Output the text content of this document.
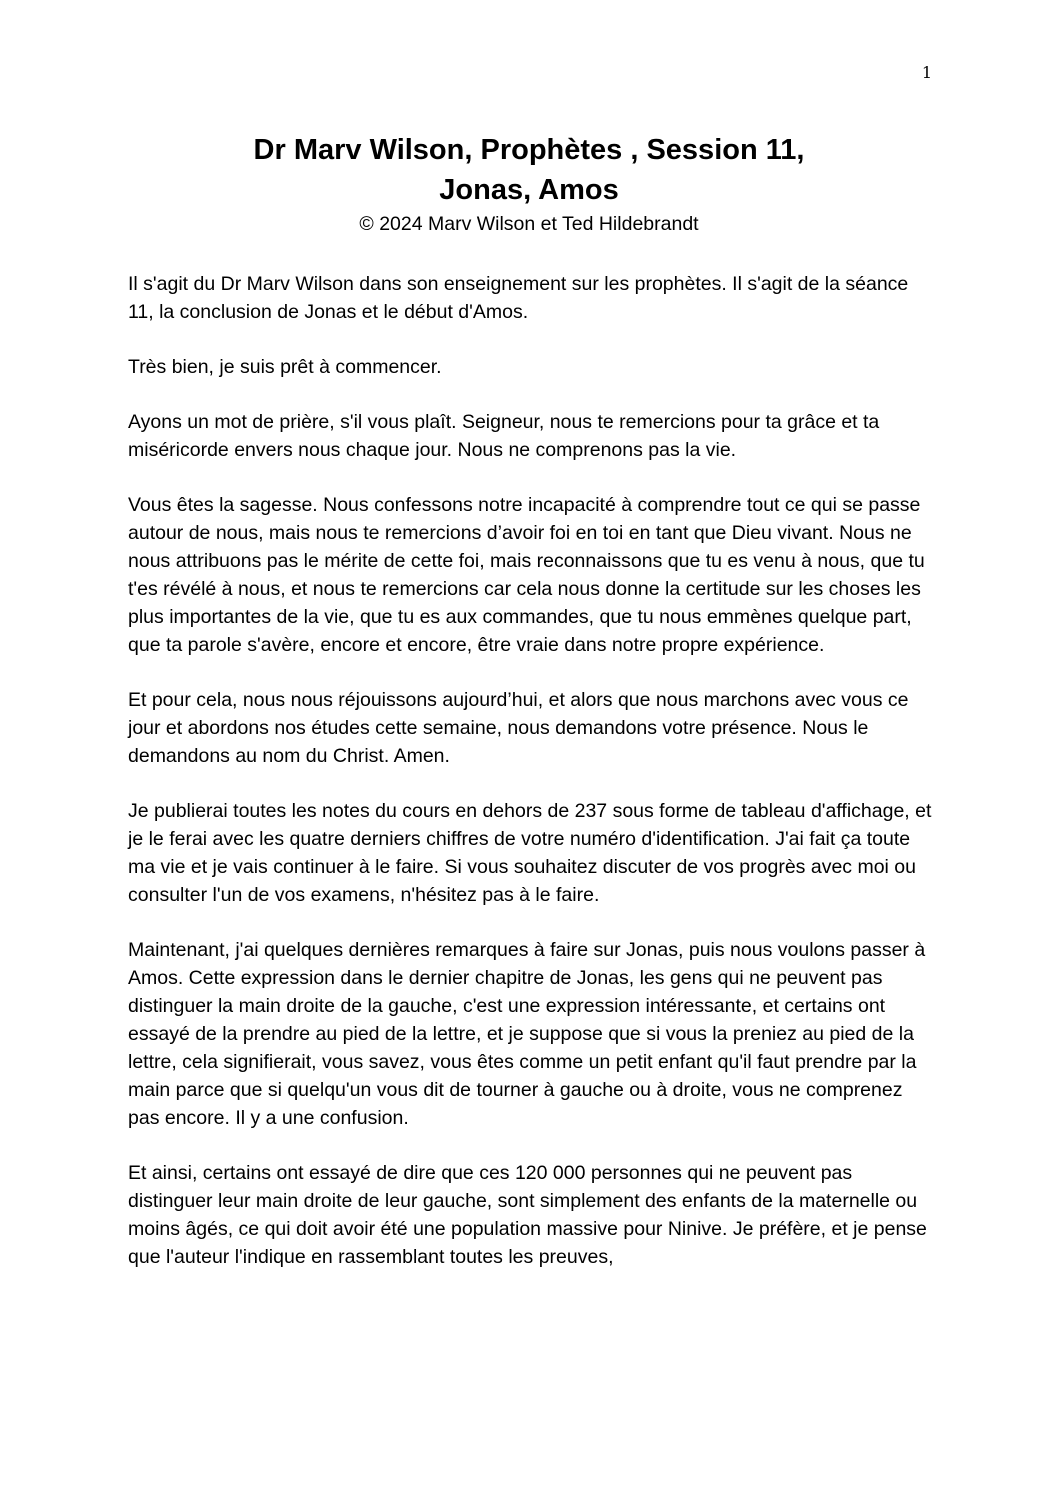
1

Dr Marv Wilson, Prophètes , Session 11,

Jonas, Amos

© 2024 Marv Wilson et Ted Hildebrandt

Il s'agit du Dr Marv Wilson dans son enseignement sur les prophètes. Il s'agit de la séance 11, la conclusion de Jonas et le début d'Amos.

Très bien, je suis prêt à commencer.

Ayons un mot de prière, s'il vous plaît. Seigneur, nous te remercions pour ta grâce et ta miséricorde envers nous chaque jour. Nous ne comprenons pas la vie.

Vous êtes la sagesse. Nous confessons notre incapacité à comprendre tout ce qui se passe autour de nous, mais nous te remercions d’avoir foi en toi en tant que Dieu vivant. Nous ne nous attribuons pas le mérite de cette foi, mais reconnaissons que tu es venu à nous, que tu t'es révélé à nous, et nous te remercions car cela nous donne la certitude sur les choses les plus importantes de la vie, que tu es aux commandes, que tu nous emmènes quelque part, que ta parole s'avère, encore et encore, être vraie dans notre propre expérience.

Et pour cela, nous nous réjouissons aujourd’hui, et alors que nous marchons avec vous ce jour et abordons nos études cette semaine, nous demandons votre présence. Nous le demandons au nom du Christ. Amen.

Je publierai toutes les notes du cours en dehors de 237 sous forme de tableau d'affichage, et je le ferai avec les quatre derniers chiffres de votre numéro d'identification. J'ai fait ça toute ma vie et je vais continuer à le faire. Si vous souhaitez discuter de vos progrès avec moi ou consulter l'un de vos examens, n'hésitez pas à le faire.

Maintenant, j'ai quelques dernières remarques à faire sur Jonas, puis nous voulons passer à Amos. Cette expression dans le dernier chapitre de Jonas, les gens qui ne peuvent pas distinguer la main droite de la gauche, c'est une expression intéressante, et certains ont essayé de la prendre au pied de la lettre, et je suppose que si vous la preniez au pied de la lettre, cela signifierait, vous savez, vous êtes comme un petit enfant qu'il faut prendre par la main parce que si quelqu'un vous dit de tourner à gauche ou à droite, vous ne comprenez pas encore. Il y a une confusion.

Et ainsi, certains ont essayé de dire que ces 120 000 personnes qui ne peuvent pas distinguer leur main droite de leur gauche, sont simplement des enfants de la maternelle ou moins âgés, ce qui doit avoir été une population massive pour Ninive. Je préfère, et je pense que l'auteur l'indique en rassemblant toutes les preuves,
